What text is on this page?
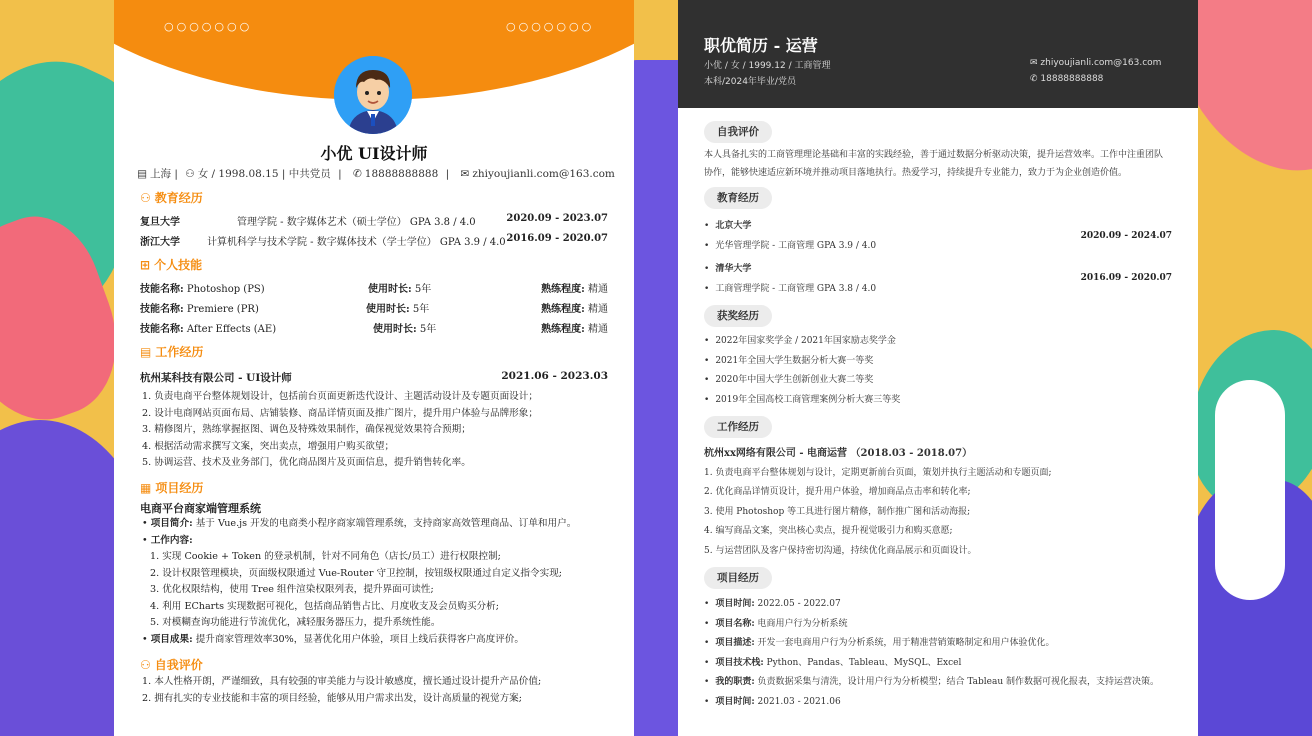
○○○○○○○	○○○○○○○
小优 UI设计师
▤ 上海 | ⚇ 女 / 1998.08.15 | 中共党员 | ✆ 18888888888 | ✉ zhiyoujianli.com@163.com
⚇ 教育经历
复旦大学	管理学院 - 数字媒体艺术（硕士学位） GPA 3.8 / 4.0	2020.09 - 2023.07
浙江大学	计算机科学与技术学院 - 数字媒体技术（学士学位） GPA 3.9 / 4.0 2016.09 - 2020.07
⊞ 个人技能
技能名称: Photoshop (PS)	使用时长: 5年	熟练程度: 精通
技能名称: Premiere (PR)	使用时长: 5年	熟练程度: 精通
技能名称: After Effects (AE)	使用时长: 5年	熟练程度: 精通
▤ 工作经历
杭州某科技有限公司 - UI设计师	2021.06 - 2023.03

1. 负责电商平台整体规划设计，包括前台页面更新迭代设计、主题活动设计及专题页面设计；

2. 设计电商网站页面布局、店铺装修、商品详情页面及推广图片，提升用户体验与品牌形象；

3. 精修图片，熟练掌握抠图、调色及特殊效果制作，确保视觉效果符合预期；

4. 根据活动需求撰写文案，突出卖点，增强用户购买欲望；

5. 协调运营、技术及业务部门，优化商品图片及页面信息，提升销售转化率。

▦ 项目经历
电商平台商家端管理系统

• 项目简介: 基于 Vue.js 开发的电商类小程序商家端管理系统，支持商家高效管理商品、订单和用户。

• 工作内容:

1. 实现 Cookie + Token 的登录机制，针对不同角色（店长/员工）进行权限控制;

2. 设计权限管理模块，页面级权限通过 Vue-Router 守卫控制，按钮级权限通过自定义指令实现;

3. 优化权限结构，使用 Tree 组件渲染权限列表，提升界面可读性;

4. 利用 ECharts 实现数据可视化，包括商品销售占比、月度收支及会员购买分析;

5. 对模糊查询功能进行节流优化，减轻服务器压力，提升系统性能。

• 项目成果: 提升商家管理效率30%，显著优化用户体验，项目上线后获得客户高度评价。

⚇ 自我评价

1. 本人性格开朗，严谨细致，具有较强的审美能力与设计敏感度，擅长通过设计提升产品价值;

2. 拥有扎实的专业技能和丰富的项目经验，能够从用户需求出发，设计高质量的视觉方案;

职优简历 - 运营
小优 / 女 / 1999.12 / 工商管理
本科/2024年毕业/党员
✉ zhiyoujianli.com@163.com
✆ 18888888888
自我评价

本人具备扎实的工商管理理论基础和丰富的实践经验，善于通过数据分析驱动决策，提升运营效率。工作中注重团队

协作，能够快速适应新环境并推动项目落地执行。热爱学习，持续提升专业能力，致力于为企业创造价值。

教育经历

• 北京大学

• 光华管理学院 - 工商管理 GPA 3.9 / 4.0

2020.09 - 2024.07

• 清华大学

• 工商管理学院 - 工商管理 GPA 3.8 / 4.0

2016.09 - 2020.07
获奖经历

• 2022年国家奖学金 / 2021年国家励志奖学金

• 2021年全国大学生数据分析大赛一等奖

• 2020年中国大学生创新创业大赛二等奖

• 2019年全国高校工商管理案例分析大赛三等奖

工作经历

杭州xx网络有限公司 - 电商运营 （2018.03 - 2018.07）

1. 负责电商平台整体规划与设计，定期更新前台页面，策划并执行主题活动和专题页面;

2. 优化商品详情页设计，提升用户体验，增加商品点击率和转化率;

3. 使用 Photoshop 等工具进行图片精修，制作推广图和活动海报;

4. 编写商品文案，突出核心卖点，提升视觉吸引力和购买意愿;

5. 与运营团队及客户保持密切沟通，持续优化商品展示和页面设计。

项目经历

• 项目时间: 2022.05 - 2022.07

• 项目名称: 电商用户行为分析系统

• 项目描述: 开发一套电商用户行为分析系统，用于精准营销策略制定和用户体验优化。

• 项目技术栈: Python、Pandas、Tableau、MySQL、Excel

• 我的职责: 负责数据采集与清洗，设计用户行为分析模型；结合 Tableau 制作数据可视化报表，支持运营决策。

• 项目时间: 2021.03 - 2021.06
